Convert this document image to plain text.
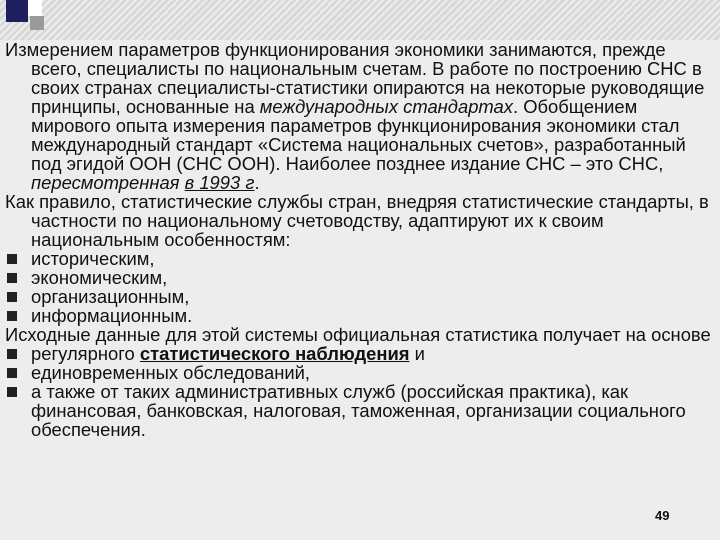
Измерением параметров функционирования экономики занимаются, прежде всего, специалисты по национальным счетам. В работе по построению СНС в своих странах специалисты-статистики опираются на некоторые руководящие принципы, основанные на международных стандартах. Обобщением мирового опыта измерения параметров функционирования экономики стал международный стандарт «Система национальных счетов», разработанный под эгидой ООН (СНС ООН). Наиболее позднее издание СНС – это СНС, пересмотренная в 1993 г.

Как правило, статистические службы стран, внедряя статистические стандарты, в частности по национальному счетоводству, адаптируют их к своим национальным особенностям:

историческим,
экономическим,
организационным,
информационным.

Исходные данные для этой системы официальная статистика получает на основе

регулярного статистического наблюдения и
единовременных обследований,
а также от таких административных служб (российская практика), как финансовая, банковская, налоговая, таможенная, организации социального обеспечения.
49
